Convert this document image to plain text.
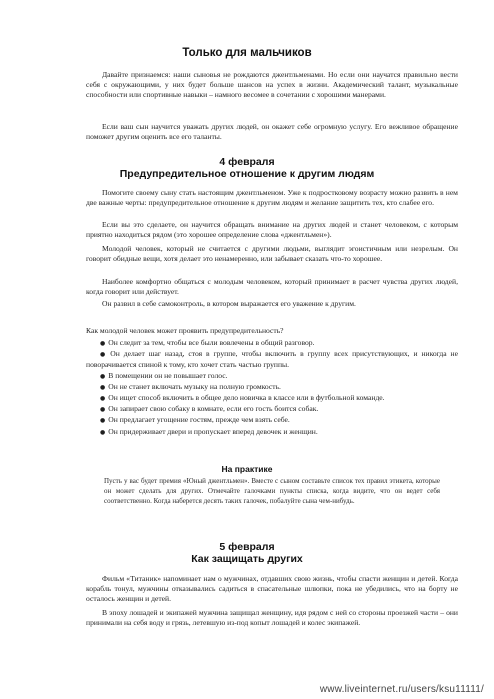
Только для мальчиков

Давайте признаемся: наши сыновья не рождаются джентльменами. Но если они научатся правильно вести себя с окружающими, у них будет больше шансов на успех в жизни. Академический талант, музыкальные способности или спортивные навыки – намного весомее в сочетании с хорошими манерами.

Если ваш сын научится уважать других людей, он окажет себе огромную услугу. Его вежливое обращение поможет другим оценить все его таланты.

4 февраля
Предупредительное отношение к другим людям

Помогите своему сыну стать настоящим джентльменом. Уже к подростковому возрасту можно развить в нем две важные черты: предупредительное отношение к другим людям и желание защитить тех, кто слабее его.

Если вы это сделаете, он научится обращать внимание на других людей и станет человеком, с которым приятно находиться рядом (это хорошее определение слова «джентльмен»).

Молодой человек, который не считается с другими людьми, выглядит эгоистичным или незрелым. Он говорит обидные вещи, хотя делает это ненамеренно, или забывает сказать что-то хорошее.

Наиболее комфортно общаться с молодым человеком, который принимает в расчет чувства других людей, когда говорит или действует.

Он развил в себе самоконтроль, в котором выражается его уважение к другим.

Как молодой человек может проявить предупредительность?

● Он следит за тем, чтобы все были вовлечены в общий разговор.
● Он делает шаг назад, стоя в группе, чтобы включить в группу всех присутствующих, и никогда не поворачивается спиной к тому, кто хочет стать частью группы.
● В помещении он не повышает голос.
● Он не станет включать музыку на полную громкость.
● Он ищет способ включить в общее дело новичка в классе или в футбольной команде.
● Он запирает свою собаку в комнате, если его гость боится собак.
● Он предлагает угощение гостям, прежде чем взять себе.
● Он придерживает двери и пропускает вперед девочек и женщин.
На практике
Пусть у вас будет премия «Юный джентльмен». Вместе с сыном составьте список тех правил этикета, которые он может сделать для других. Отмечайте галочками пункты списка, когда видите, что он ведет себя соответственно. Когда наберется десять таких галочек, побалуйте сына чем-нибудь.
5 февраля
Как защищать других

Фильм «Титаник» напоминает нам о мужчинах, отдавших свою жизнь, чтобы спасти женщин и детей. Когда корабль тонул, мужчины отказывались садиться в спасательные шлюпки, пока не убедились, что на борту не осталось женщин и детей.

В эпоху лошадей и экипажей мужчина защищал женщину, идя рядом с ней со стороны проезжей части – они принимали на себя воду и грязь, летевшую из-под копыт лошадей и колес экипажей.

www.liveinternet.ru/users/ksu11111/
